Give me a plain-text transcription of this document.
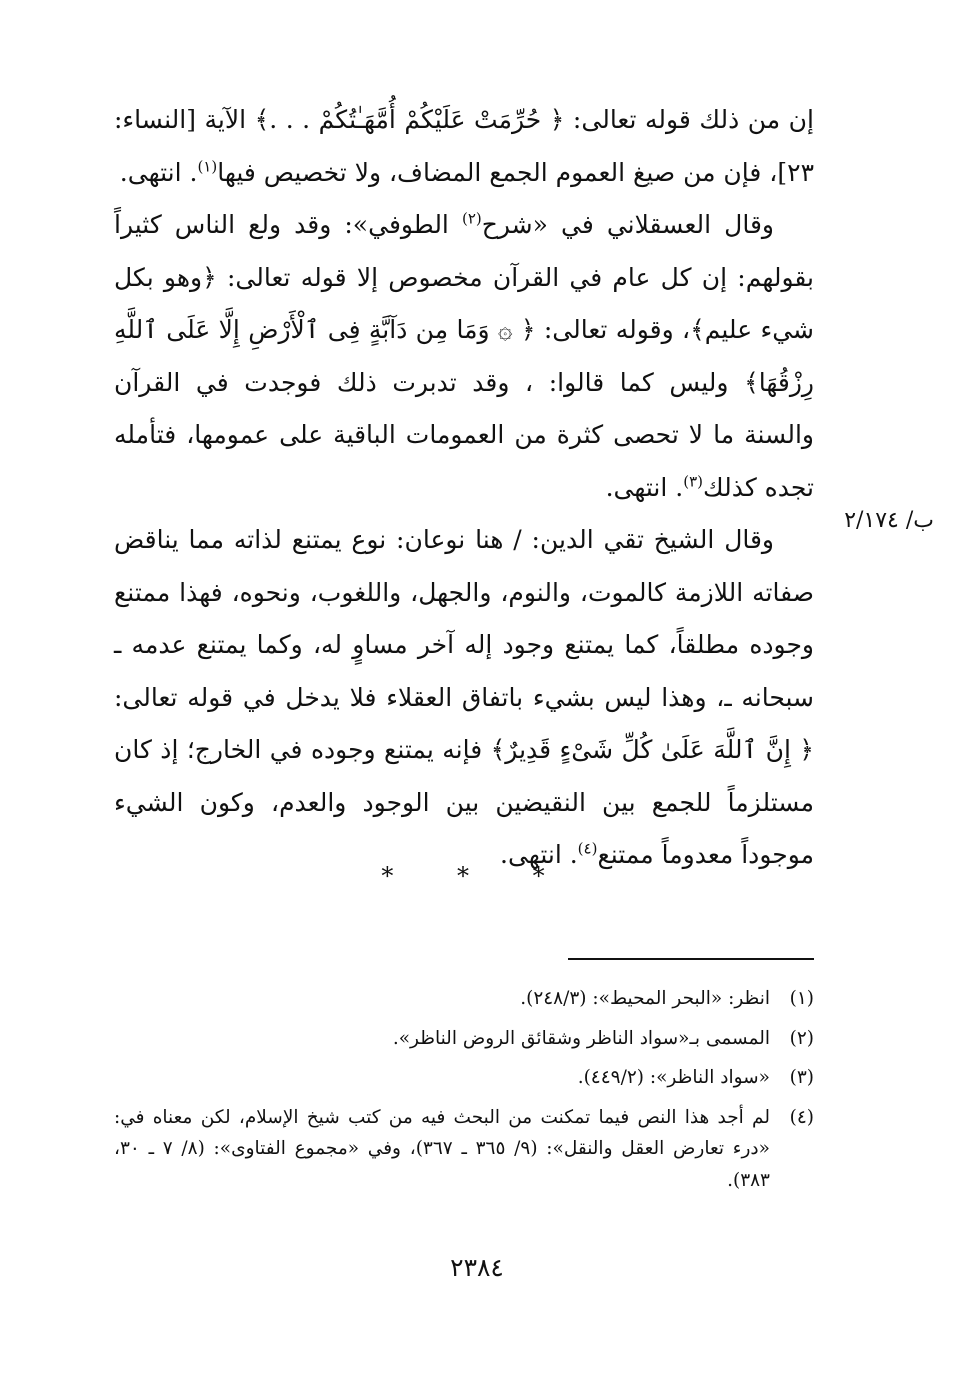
إن من ذلك قوله تعالى: ﴿ حُرِّمَتْ عَلَيْكُمْ أُمَّهَـٰتُكُمْ . . .﴾ الآية [النساء: ٢٣]، فإن من صيغ العموم الجمع المضاف، ولا تخصيص فيها$^{(١)}$. انتهى.

وقال العسقلاني في «شرح$^{(٢)}$ الطوفي»: وقد ولع الناس كثيراً بقولهم: إن كل عام في القرآن مخصوص إلا قوله تعالى: ﴿وهو بكل شيء عليم﴾، وقوله تعالى: ﴿ ۞ وَمَا مِن دَآبَّةٍ فِى ٱلْأَرْضِ إِلَّا عَلَى ٱللَّهِ رِزْقُهَا﴾ وليس كما قالوا: ، وقد تدبرت ذلك فوجدت في القرآن والسنة ما لا تحصى كثرة من العمومات الباقية على عمومها، فتأمله تجده كذلك$^{(٣)}$. انتهى.

وقال الشيخ تقي الدين: / هنا نوعان: نوع يمتنع لذاته مما يناقض صفاته اللازمة كالموت، والنوم، والجهل، واللغوب، ونحوه، فهذا ممتنع وجوده مطلقاً، كما يمتنع وجود إله آخر مساوٍ له، وكما يمتنع عدمه ـ سبحانه ـ، وهذا ليس بشيء باتفاق العقلاء فلا يدخل في قوله تعالى: ﴿ إِنَّ ٱللَّهَ عَلَىٰ كُلِّ شَىْءٍ قَدِيرٌ﴾ فإنه يمتنع وجوده في الخارج؛ إذ كان مستلزماً للجمع بين النقيضين بين الوجود والعدم، وكون الشيء موجوداً معدوماً ممتنع$^{(٤)}$. انتهى.

ب/ ٢/١٧٤
* * *
(١)
انظر: «البحر المحيط»: (٢٤٨/٣).
(٢)
المسمى بـ«سواد الناظر وشقائق الروض الناظر».
(٣)
«سواد الناظر»: (٤٤٩/٢).
(٤)
لم أجد هذا النص فيما تمكنت من البحث فيه من كتب شيخ الإسلام، لكن معناه في: «درء تعارض العقل والنقل»: (٩/ ٣٦٥ ـ ٣٦٧)، وفي «مجموع الفتاوى»: (٨/ ٧ ـ ٣٠، ٣٨٣).
٢٣٨٤
